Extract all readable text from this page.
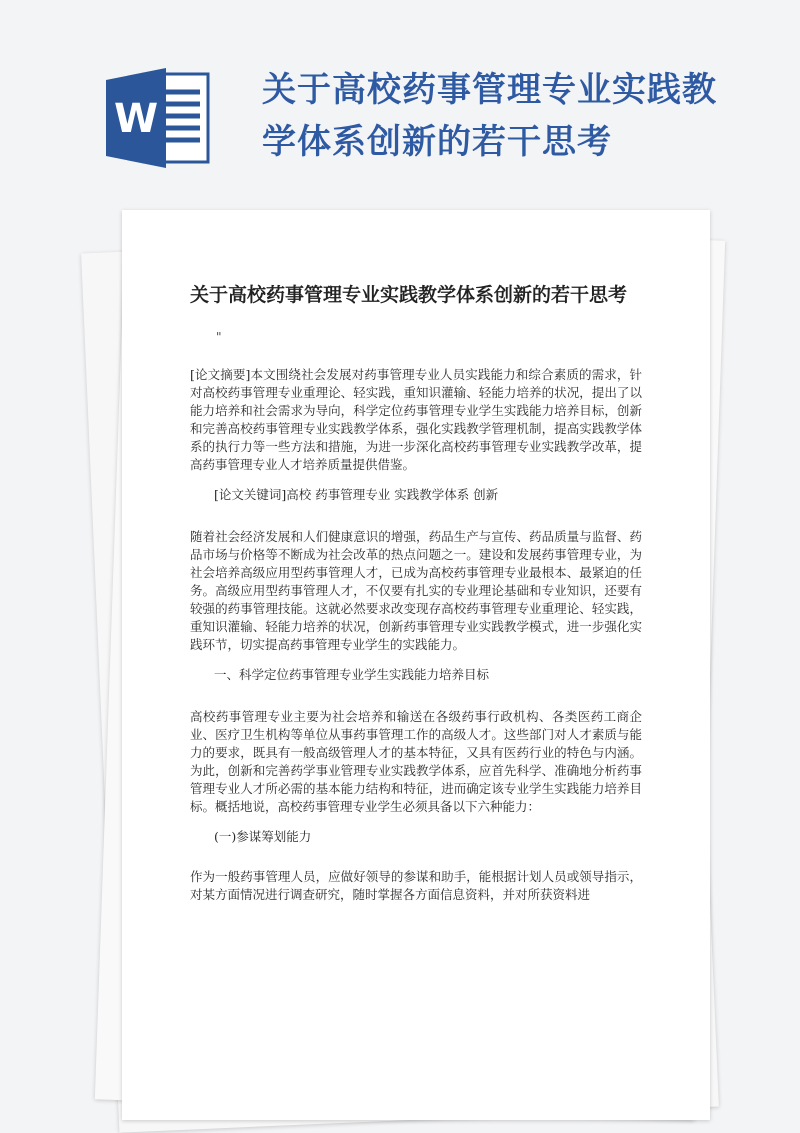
W
关于高校药事管理专业实践教学体系创新的若干思考
关于高校药事管理专业实践教学体系创新的若干思考
"

[论文摘要]本文围绕社会发展对药事管理专业人员实践能力和综合素质的需求，针对高校药事管理专业重理论、轻实践，重知识灌输、轻能力培养的状况，提出了以能力培养和社会需求为导向，科学定位药事管理专业学生实践能力培养目标，创新和完善高校药事管理专业实践教学体系，强化实践教学管理机制，提高实践教学体系的执行力等一些方法和措施，为进一步深化高校药事管理专业实践教学改革，提高药事管理专业人才培养质量提供借鉴。

[论文关键词]高校 药事管理专业 实践教学体系 创新

随着社会经济发展和人们健康意识的增强，药品生产与宣传、药品质量与监督、药品市场与价格等不断成为社会改革的热点问题之一。建设和发展药事管理专业，为社会培养高级应用型药事管理人才，已成为高校药事管理专业最根本、最紧迫的任务。高级应用型药事管理人才，不仅要有扎实的专业理论基础和专业知识，还要有较强的药事管理技能。这就必然要求改变现存高校药事管理专业重理论、轻实践，重知识灌输、轻能力培养的状况，创新药事管理专业实践教学模式，进一步强化实践环节，切实提高药事管理专业学生的实践能力。

一、科学定位药事管理专业学生实践能力培养目标

高校药事管理专业主要为社会培养和输送在各级药事行政机构、各类医药工商企业、医疗卫生机构等单位从事药事管理工作的高级人才。这些部门对人才素质与能力的要求，既具有一般高级管理人才的基本特征，又具有医药行业的特色与内涵。为此，创新和完善药学事业管理专业实践教学体系，应首先科学、准确地分析药事管理专业人才所必需的基本能力结构和特征，进而确定该专业学生实践能力培养目标。概括地说，高校药事管理专业学生必须具备以下六种能力：

(一)参谋筹划能力

作为一般药事管理人员，应做好领导的参谋和助手，能根据计划人员或领导指示，对某方面情况进行调查研究，随时掌握各方面信息资料，并对所获资料进
